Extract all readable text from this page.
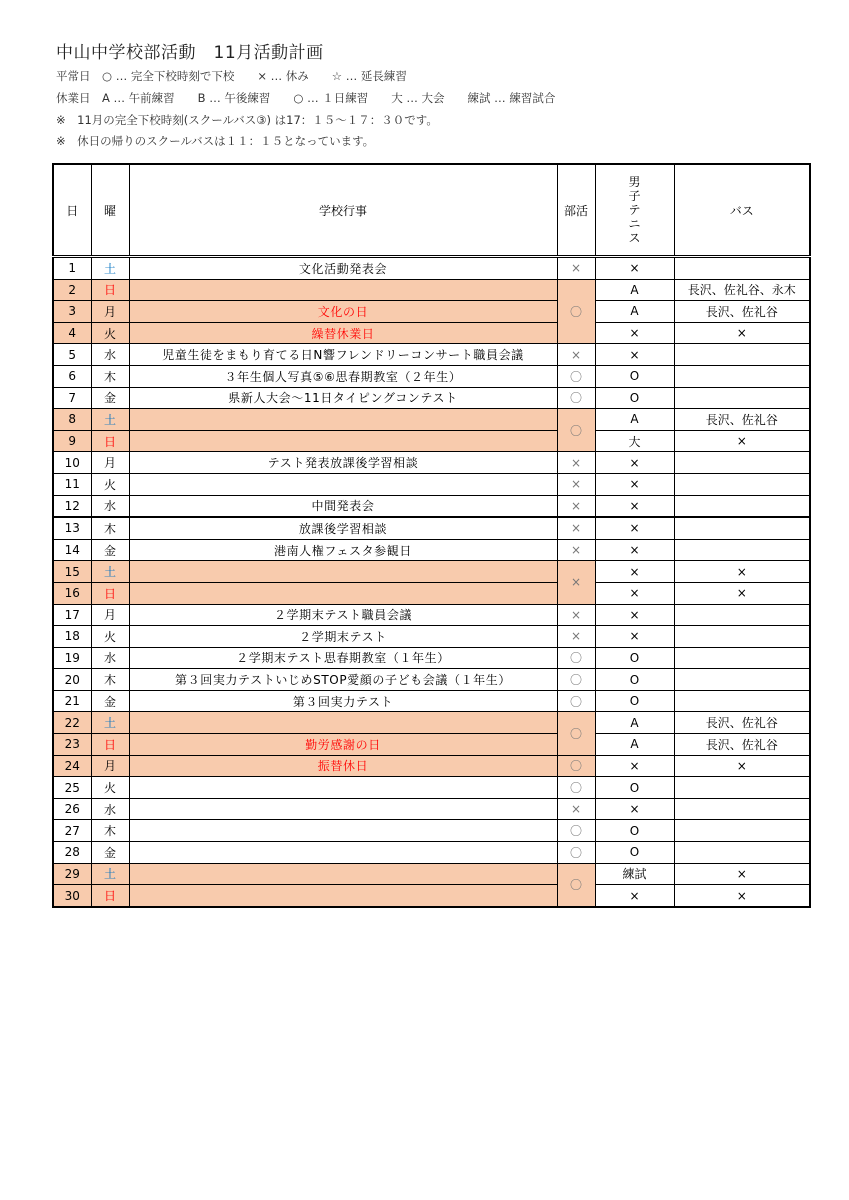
中山中学校部活動　11月活動計画
平常日　○ … 完全下校時刻で下校　　× … 休み　　☆ … 延長練習
休業日　A … 午前練習　　B … 午後練習　　○ … １日練習　　大 … 大会　　練試 … 練習試合
※　11月の完全下校時刻(スクールバス③) は17：１５～１７：３０です。
※　休日の帰りのスクールバスは１１：１５となっています。
日	曜	学校行事	部活	男子テニス	バス
1	土	文化活動発表会	×	×	
2	日		〇	A	長沢、佐礼谷、永木
3	月	文化の日		A	長沢、佐礼谷
4	火	繰替休業日		×	×
5	水	児童生徒をまもり育てる日N響フレンドリーコンサート職員会議	×	×	
6	木	３年生個人写真⑤⑥思春期教室（２年生）	〇	O	
7	金	県新人大会～11日タイピングコンテスト	〇	O	
8	土		〇	A	長沢、佐礼谷
9	日			大	×
10	月	テスト発表放課後学習相談	×	×	
11	火		×	×	
12	水	中間発表会	×	×	
13	木	放課後学習相談	×	×	
14	金	港南人権フェスタ参観日	×	×	
15	土		×	×	×
16	日			×	×
17	月	２学期末テスト職員会議	×	×	
18	火	２学期末テスト	×	×	
19	水	２学期末テスト思春期教室（１年生）	〇	O	
20	木	第３回実力テストいじめSTOP愛顔の子ども会議（１年生）	〇	O	
21	金	第３回実力テスト	〇	O	
22	土		〇	A	長沢、佐礼谷
23	日	勤労感謝の日		A	長沢、佐礼谷
24	月	振替休日	〇	×	×
25	火		〇	O	
26	水		×	×	
27	木		〇	O	
28	金		〇	O	
29	土		〇	練試	×
30	日			×	×
